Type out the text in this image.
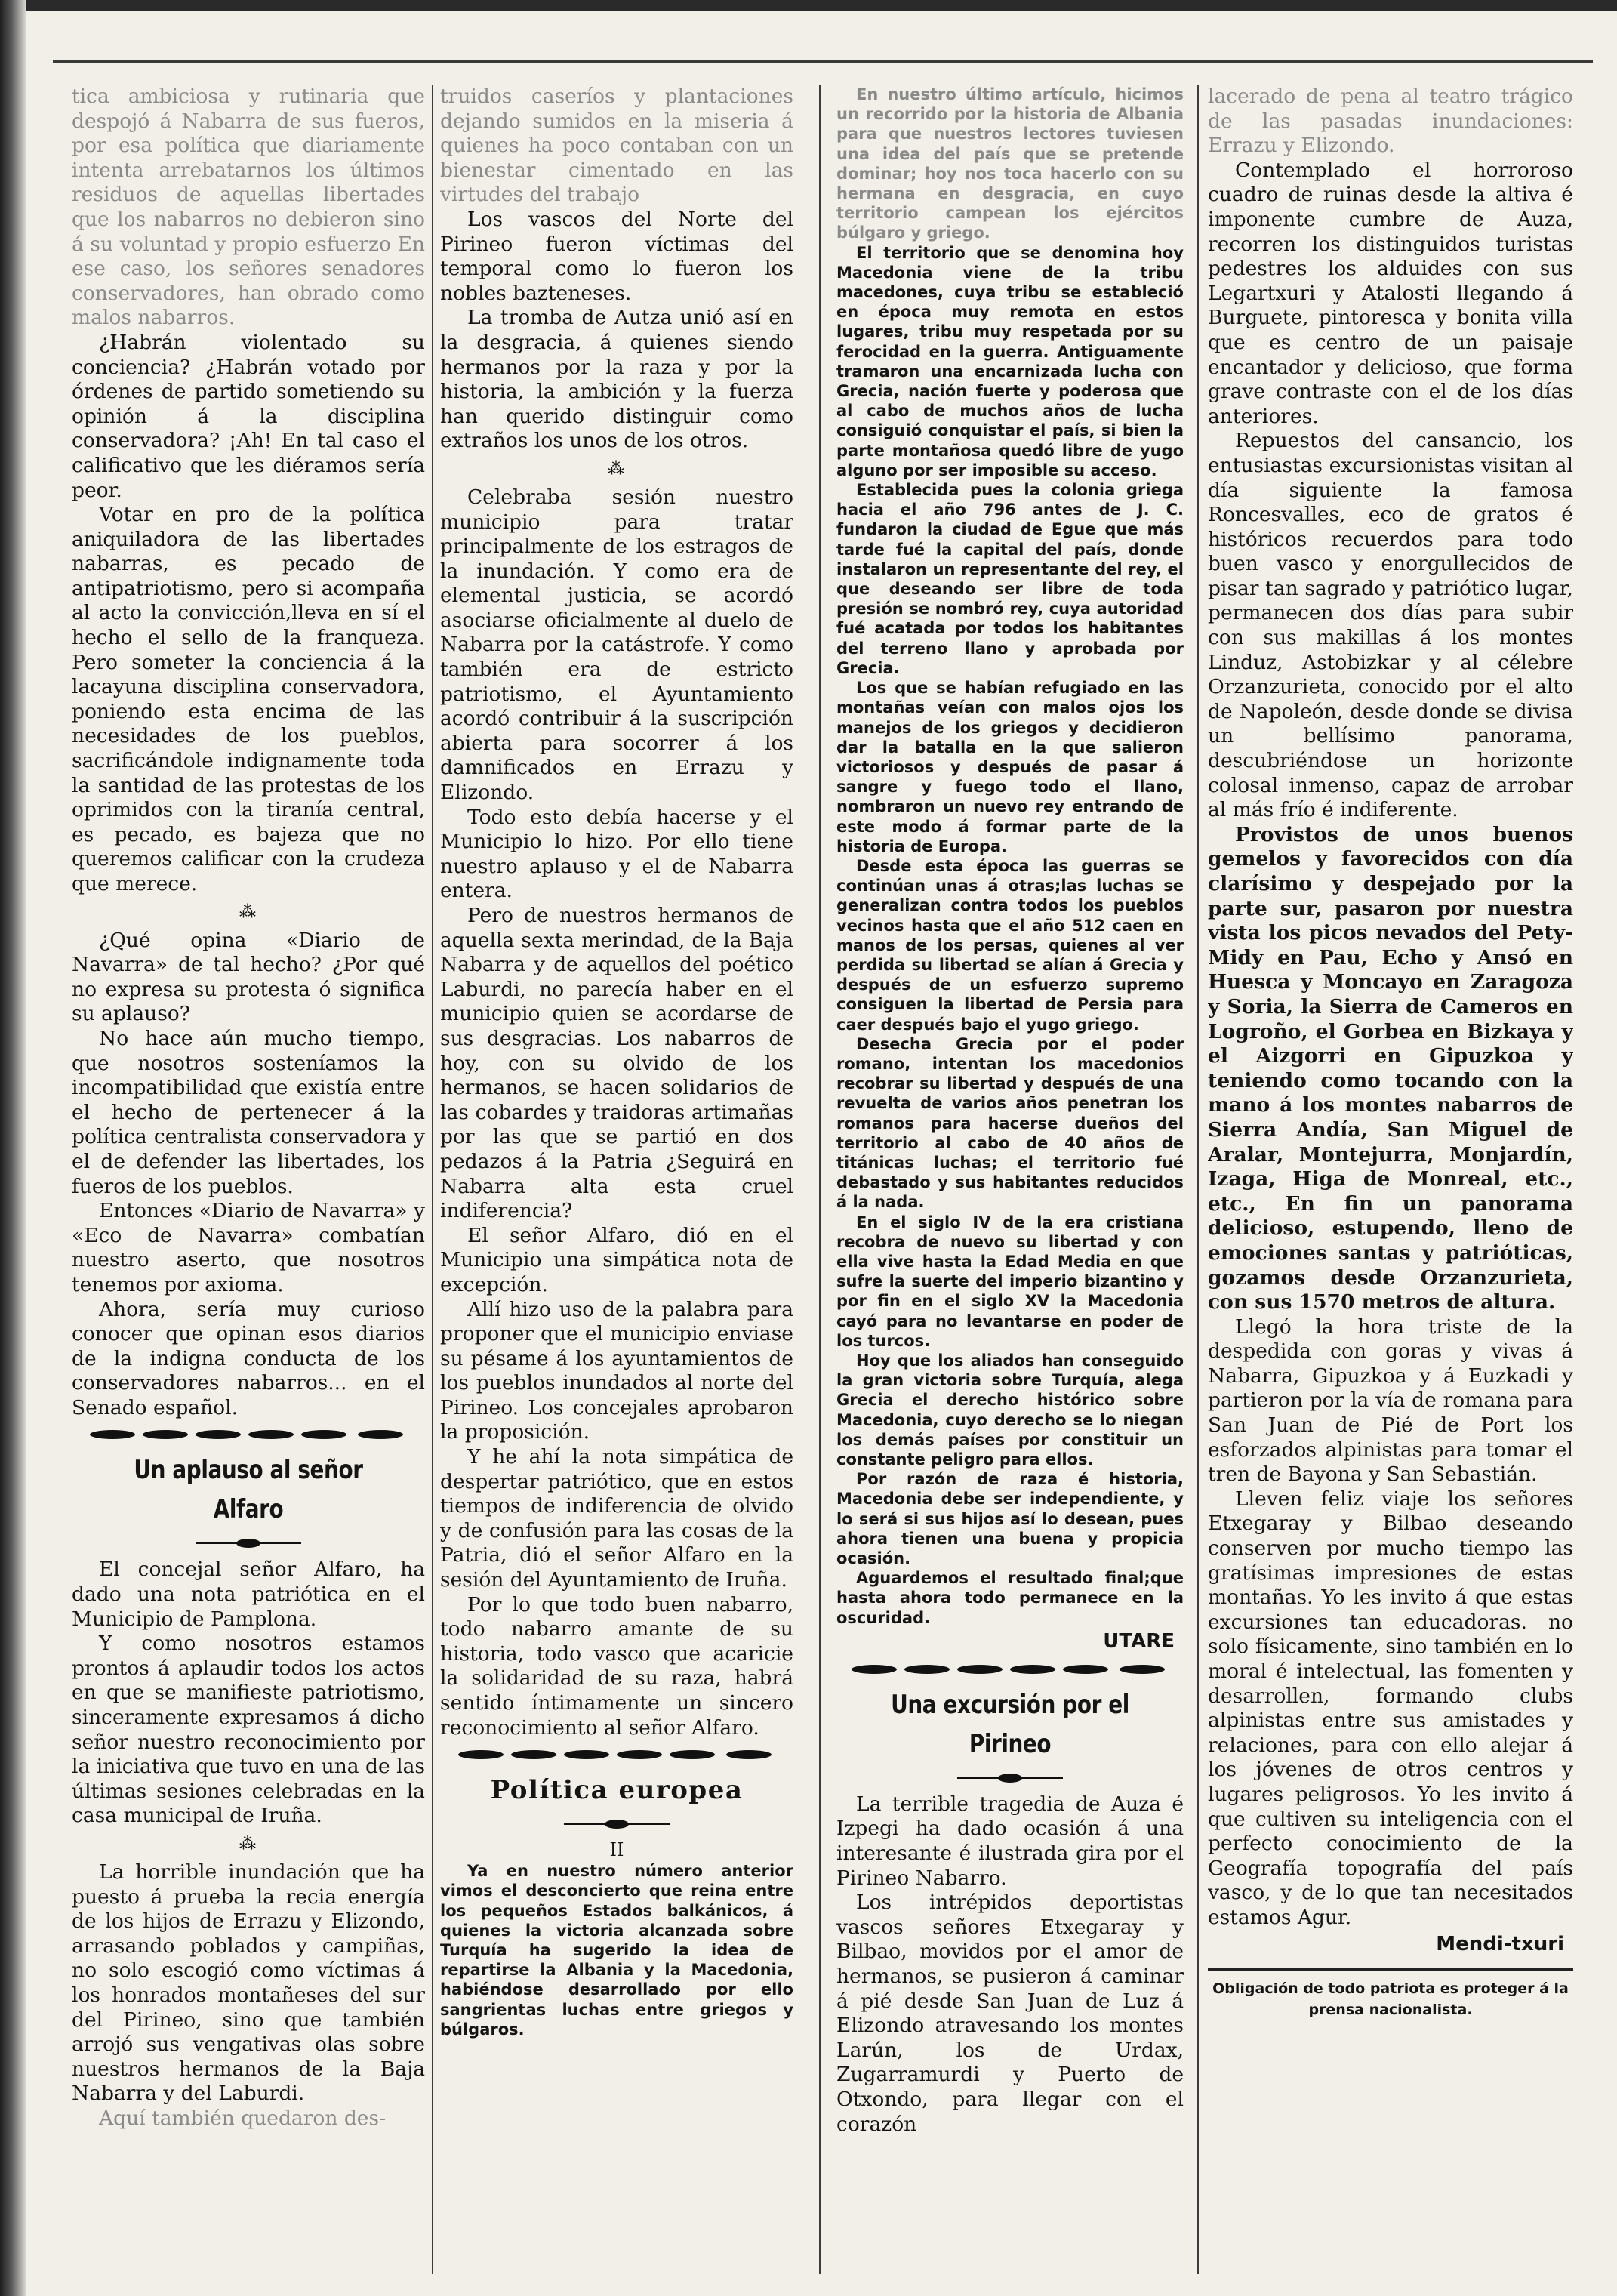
tica ambiciosa y rutinaria que despojó á Nabarra de sus fueros, por esa política que diariamente intenta arrebatarnos los últimos residuos de aquellas libertades que los nabarros no debieron sino á su voluntad y propio esfuerzo En ese caso, los señores senadores conservadores, han obrado como malos nabarros.

¿Habrán violentado su conciencia? ¿Habrán votado por órdenes de partido sometiendo su opinión á la disciplina conservadora? ¡Ah! En tal caso el calificativo que les diéramos sería peor.

Votar en pro de la política aniquiladora de las libertades nabarras, es pecado de antipatriotismo, pero si acompaña al acto la convicción,lleva en sí el hecho el sello de la franqueza. Pero someter la conciencia á la lacayuna disciplina conservadora, poniendo esta encima de las necesidades de los pueblos, sacrificándole indignamente toda la santidad de las protestas de los oprimidos con la tiranía central, es pecado, es bajeza que no queremos calificar con la crudeza que merece.

⁂

¿Qué opina «Diario de Navarra» de tal hecho? ¿Por qué no expresa su protesta ó significa su aplauso?

No hace aún mucho tiempo, que nosotros sosteníamos la incompatibilidad que existía entre el hecho de pertenecer á la política centralista conservadora y el de defender las libertades, los fueros de los pueblos.

Entonces «Diario de Navarra» y «Eco de Navarra» combatían nuestro aserto, que nosotros tenemos por axioma.

Ahora, sería muy curioso conocer que opinan esos diarios de la indigna conducta de los conservadores nabarros... en el Senado español.

Un aplauso al señor Alfaro

El concejal señor Alfaro, ha dado una nota patriótica en el Municipio de Pamplona.

Y como nosotros estamos prontos á aplaudir todos los actos en que se manifieste patriotismo, sinceramente expresamos á dicho señor nuestro reconocimiento por la iniciativa que tuvo en una de las últimas sesiones celebradas en la casa municipal de Iruña.

⁂

La horrible inundación que ha puesto á prueba la recia energía de los hijos de Errazu y Elizondo, arrasando poblados y campiñas, no solo escogió como víctimas á los honrados montañeses del sur del Pirineo, sino que también arrojó sus vengativas olas sobre nuestros hermanos de la Baja Nabarra y del Laburdi.

Aquí también quedaron des-

truidos caseríos y plantaciones dejando sumidos en la miseria á quienes ha poco contaban con un bienestar cimentado en las virtudes del trabajo

Los vascos del Norte del Pirineo fueron víctimas del temporal como lo fueron los nobles bazteneses.

La tromba de Autza unió así en la desgracia, á quienes siendo hermanos por la raza y por la historia, la ambición y la fuerza han querido distinguir como extraños los unos de los otros.

⁂

Celebraba sesión nuestro municipio para tratar principalmente de los estragos de la inundación. Y como era de elemental justicia, se acordó asociarse oficialmente al duelo de Nabarra por la catástrofe. Y como también era de estricto patriotismo, el Ayuntamiento acordó contribuir á la suscripción abierta para socorrer á los damnificados en Errazu y Elizondo.

Todo esto debía hacerse y el Municipio lo hizo. Por ello tiene nuestro aplauso y el de Nabarra entera.

Pero de nuestros hermanos de aquella sexta merindad, de la Baja Nabarra y de aquellos del poético Laburdi, no parecía haber en el municipio quien se acordarse de sus desgracias. Los nabarros de hoy, con su olvido de los hermanos, se hacen solidarios de las cobardes y traidoras artimañas por las que se partió en dos pedazos á la Patria ¿Seguirá en Nabarra alta esta cruel indiferencia?

El señor Alfaro, dió en el Municipio una simpática nota de excepción.

Allí hizo uso de la palabra para proponer que el municipio enviase su pésame á los ayuntamientos de los pueblos inundados al norte del Pirineo. Los concejales aprobaron la proposición.

Y he ahí la nota simpática de despertar patriótico, que en estos tiempos de indiferencia de olvido y de confusión para las cosas de la Patria, dió el señor Alfaro en la sesión del Ayuntamiento de Iruña.

Por lo que todo buen nabarro, todo nabarro amante de su historia, todo vasco que acaricie la solidaridad de su raza, habrá sentido íntimamente un sincero reconocimiento al señor Alfaro.

Política europea
II

Ya en nuestro número anterior vimos el desconcierto que reina entre los pequeños Estados balkánicos, á quienes la victoria alcanzada sobre Turquía ha sugerido la idea de repartirse la Albania y la Macedonia, habiéndose desarrollado por ello sangrientas luchas entre griegos y búlgaros.

En nuestro último artículo, hicimos un recorrido por la historia de Albania para que nuestros lectores tuviesen una idea del país que se pretende dominar; hoy nos toca hacerlo con su hermana en desgracia, en cuyo territorio campean los ejércitos búlgaro y griego.

El territorio que se denomina hoy Macedonia viene de la tribu macedones, cuya tribu se estableció en época muy remota en estos lugares, tribu muy respetada por su ferocidad en la guerra. Antiguamente tramaron una encarnizada lucha con Grecia, nación fuerte y poderosa que al cabo de muchos años de lucha consiguió conquistar el país, si bien la parte montañosa quedó libre de yugo alguno por ser imposible su acceso.

Establecida pues la colonia griega hacia el año 796 antes de J. C. fundaron la ciudad de Egue que más tarde fué la capital del país, donde instalaron un representante del rey, el que deseando ser libre de toda presión se nombró rey, cuya autoridad fué acatada por todos los habitantes del terreno llano y aprobada por Grecia.

Los que se habían refugiado en las montañas veían con malos ojos los manejos de los griegos y decidieron dar la batalla en la que salieron victoriosos y después de pasar á sangre y fuego todo el llano, nombraron un nuevo rey entrando de este modo á formar parte de la historia de Europa.

Desde esta época las guerras se continúan unas á otras;las luchas se generalizan contra todos los pueblos vecinos hasta que el año 512 caen en manos de los persas, quienes al ver perdida su libertad se alían á Grecia y después de un esfuerzo supremo consiguen la libertad de Persia para caer después bajo el yugo griego.

Desecha Grecia por el poder romano, intentan los macedonios recobrar su libertad y después de una revuelta de varios años penetran los romanos para hacerse dueños del territorio al cabo de 40 años de titánicas luchas; el territorio fué debastado y sus habitantes reducidos á la nada.

En el siglo IV de la era cristiana recobra de nuevo su libertad y con ella vive hasta la Edad Media en que sufre la suerte del imperio bizantino y por fin en el siglo XV la Macedonia cayó para no levantarse en poder de los turcos.

Hoy que los aliados han conseguido la gran victoria sobre Turquía, alega Grecia el derecho histórico sobre Macedonia, cuyo derecho se lo niegan los demás países por constituir un constante peligro para ellos.

Por razón de raza é historia, Macedonia debe ser independiente, y lo será si sus hijos así lo desean, pues ahora tienen una buena y propicia ocasión.

Aguardemos el resultado final;que hasta ahora todo permanece en la oscuridad.

UTARE
Una excursión por el Pirineo

La terrible tragedia de Auza é Izpegi ha dado ocasión á una interesante é ilustrada gira por el Pirineo Nabarro.

Los intrépidos deportistas vascos señores Etxegaray y Bilbao, movidos por el amor de hermanos, se pusieron á caminar á pié desde San Juan de Luz á Elizondo atravesando los montes Larún, los de Urdax, Zugarramurdi y Puerto de Otxondo, para llegar con el corazón

lacerado de pena al teatro trágico de las pasadas inundaciones: Errazu y Elizondo.

Contemplado el horroroso cuadro de ruinas desde la altiva é imponente cumbre de Auza, recorren los distinguidos turistas pedestres los alduides con sus Legartxuri y Atalosti llegando á Burguete, pintoresca y bonita villa que es centro de un paisaje encantador y delicioso, que forma grave contraste con el de los días anteriores.

Repuestos del cansancio, los entusiastas excursionistas visitan al día siguiente la famosa Roncesvalles, eco de gratos é históricos recuerdos para todo buen vasco y enorgullecidos de pisar tan sagrado y patriótico lugar, permanecen dos días para subir con sus makillas á los montes Linduz, Astobizkar y al célebre Orzanzurieta, conocido por el alto de Napoleón, desde donde se divisa un bellísimo panorama, descubriéndose un horizonte colosal inmenso, capaz de arrobar al más frío é indiferente.

Provistos de unos buenos gemelos y favorecidos con día clarísimo y despejado por la parte sur, pasaron por nuestra vista los picos nevados del Pety-Midy en Pau, Echo y Ansó en Huesca y Moncayo en Zaragoza y Soria, la Sierra de Cameros en Logroño, el Gorbea en Bizkaya y el Aizgorri en Gipuzkoa y teniendo como tocando con la mano á los montes nabarros de Sierra Andía, San Miguel de Aralar, Montejurra, Monjardín, Izaga, Higa de Monreal, etc., etc., En fin un panorama delicioso, estupendo, lleno de emociones santas y patrióticas, gozamos desde Orzanzurieta, con sus 1570 metros de altura.

Llegó la hora triste de la despedida con goras y vivas á Nabarra, Gipuzkoa y á Euzkadi y partieron por la vía de romana para San Juan de Pié de Port los esforzados alpinistas para tomar el tren de Bayona y San Sebastián.

Lleven feliz viaje los señores Etxegaray y Bilbao deseando conserven por mucho tiempo las gratísimas impresiones de estas montañas. Yo les invito á que estas excursiones tan educadoras. no solo físicamente, sino también en lo moral é intelectual, las fomenten y desarrollen, formando clubs alpinistas entre sus amistades y relaciones, para con ello alejar á los jóvenes de otros centros y lugares peligrosos. Yo les invito á que cultiven su inteligencia con el perfecto conocimiento de la Geografía topografía del país vasco, y de lo que tan necesitados estamos Agur.

Mendi-txuri
Obligación de todo patriota es proteger á la prensa nacionalista.
